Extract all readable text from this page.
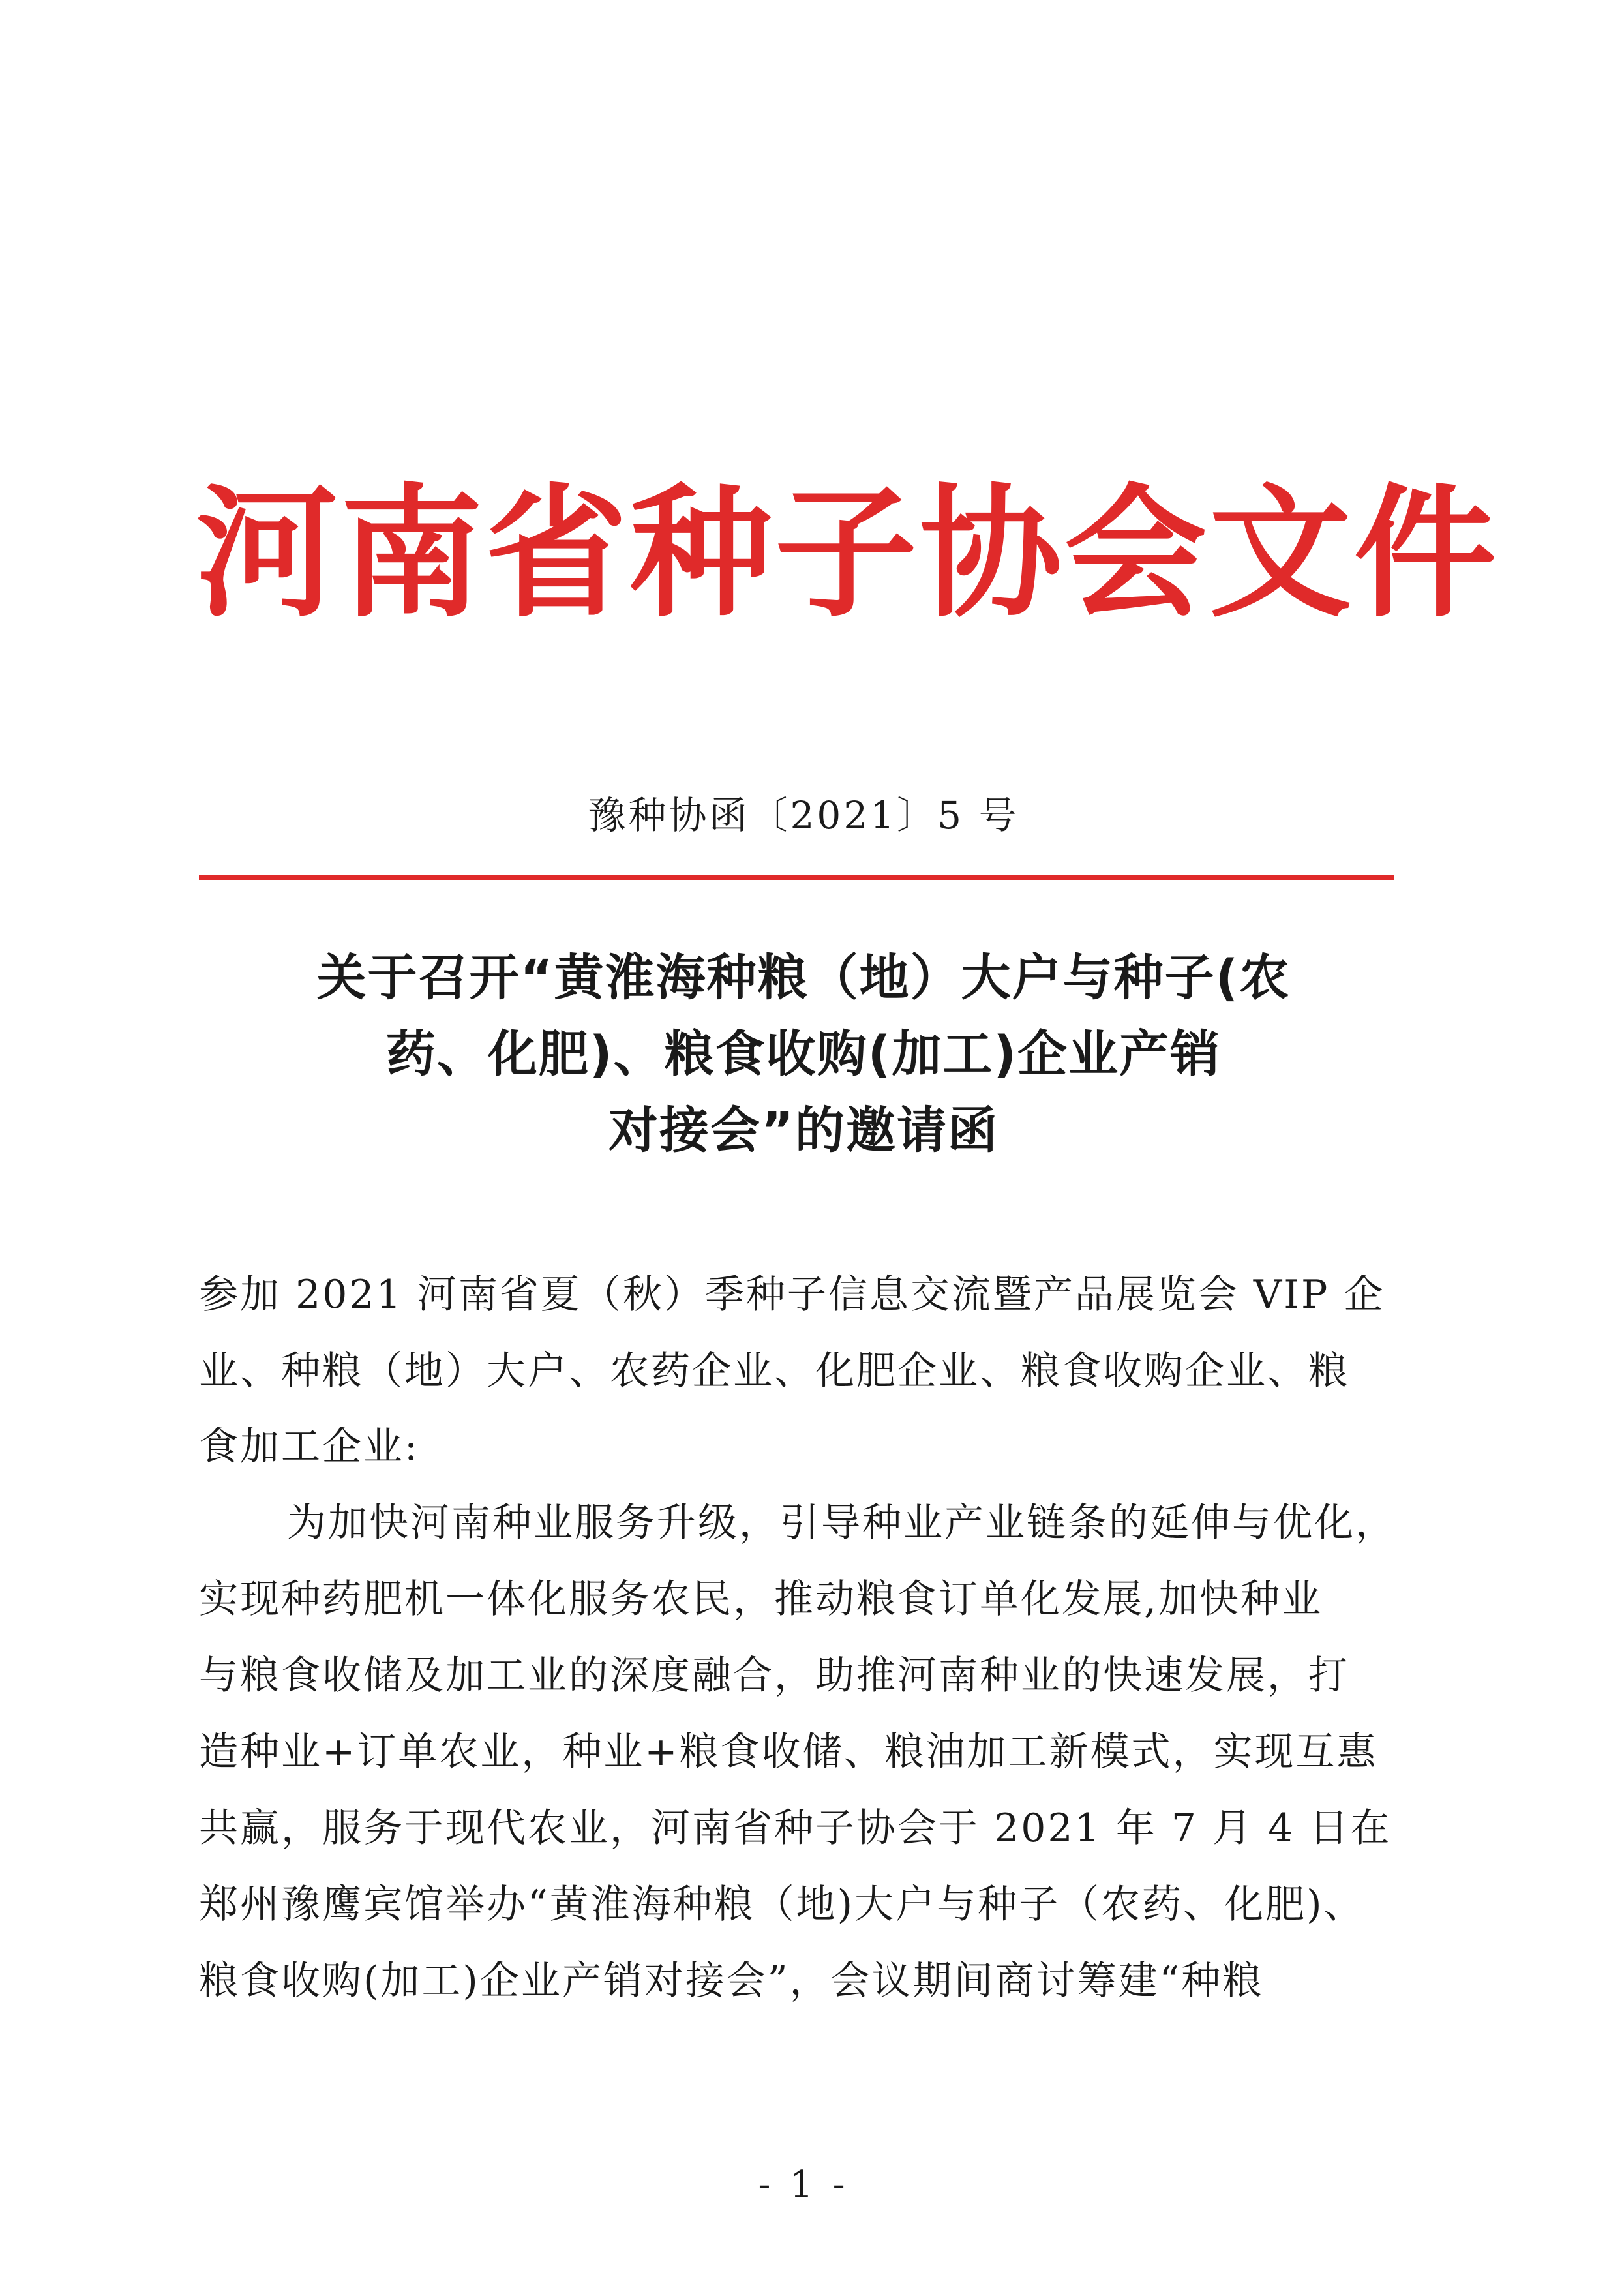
河南省种子协会文件
豫种协函〔2021〕5 号
关于召开“黄淮海种粮（地）大户与种子(农
药、化肥)、粮食收购(加工)企业产销
对接会”的邀请函
参加 2021 河南省夏（秋）季种子信息交流暨产品展览会 VIP 企
业、种粮（地）大户、农药企业、化肥企业、粮食收购企业、粮
食加工企业:
为加快河南种业服务升级，引导种业产业链条的延伸与优化，
实现种药肥机一体化服务农民，推动粮食订单化发展,加快种业
与粮食收储及加工业的深度融合，助推河南种业的快速发展，打
造种业+订单农业，种业+粮食收储、粮油加工新模式，实现互惠
共赢，服务于现代农业，河南省种子协会于 2021 年 7 月 4 日在
郑州豫鹰宾馆举办“黄淮海种粮（地)大户与种子（农药、化肥)、
粮食收购(加工)企业产销对接会”，会议期间商讨筹建“种粮
- 1 -
